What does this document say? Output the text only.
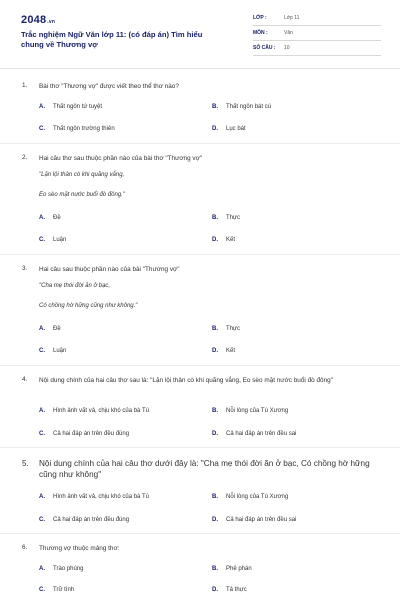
2048.vn
Trắc nghiệm Ngữ Văn lớp 11: (có đáp án) Tìm hiểu chung về Thương vợ
LỚP :	Lớp 11
MÔN :	Văn
SỐ CÂU : 10
1. Bài thơ "Thương vợ" được viết theo thể thơ nào?
A. Thất ngôn tứ tuyệt	B. Thất ngôn bát cú
C. Thất ngôn trường thiên	D. Lục bát
2. Hai câu thơ sau thuộc phần nào của bài thơ "Thương vợ"
"Lặn lội thân cò khi quãng vắng,
Eo sèo mặt nước buổi đò đông."
A. Đề	B. Thực
C. Luận	D. Kết
3. Hai câu sau thuộc phần nào của bài "Thương vợ"
"Cha mẹ thói đời ăn ở bạc,
Có chồng hờ hững cũng như không."
A. Đề	B. Thực
C. Luận	D. Kết
4. Nội dung chính của hai câu thơ sau là: "Lặn lội thân cò khi quãng vắng, Eo sèo mặt nước buổi đò đông"
A. Hình ảnh vất vả, chịu khó của bà Tú	B. Nỗi lòng của Tú Xương
C. Cả hai đáp án trên đều đúng	D. Cả hai đáp án trên đều sai
5. Nội dung chính của hai câu thơ dưới đây là: "Cha mẹ thói đời ăn ở bạc, Có chồng hờ hững cũng như không"
A. Hình ảnh vất vả, chịu khó của bà Tú	B. Nỗi lòng của Tú Xương
C. Cả hai đáp án trên đều đúng	D. Cả hai đáp án trên đều sai
6. Thương vợ thuộc mảng thơ:
A. Trào phúng	B. Phê phán
C. Trữ tình	D. Tả thực
